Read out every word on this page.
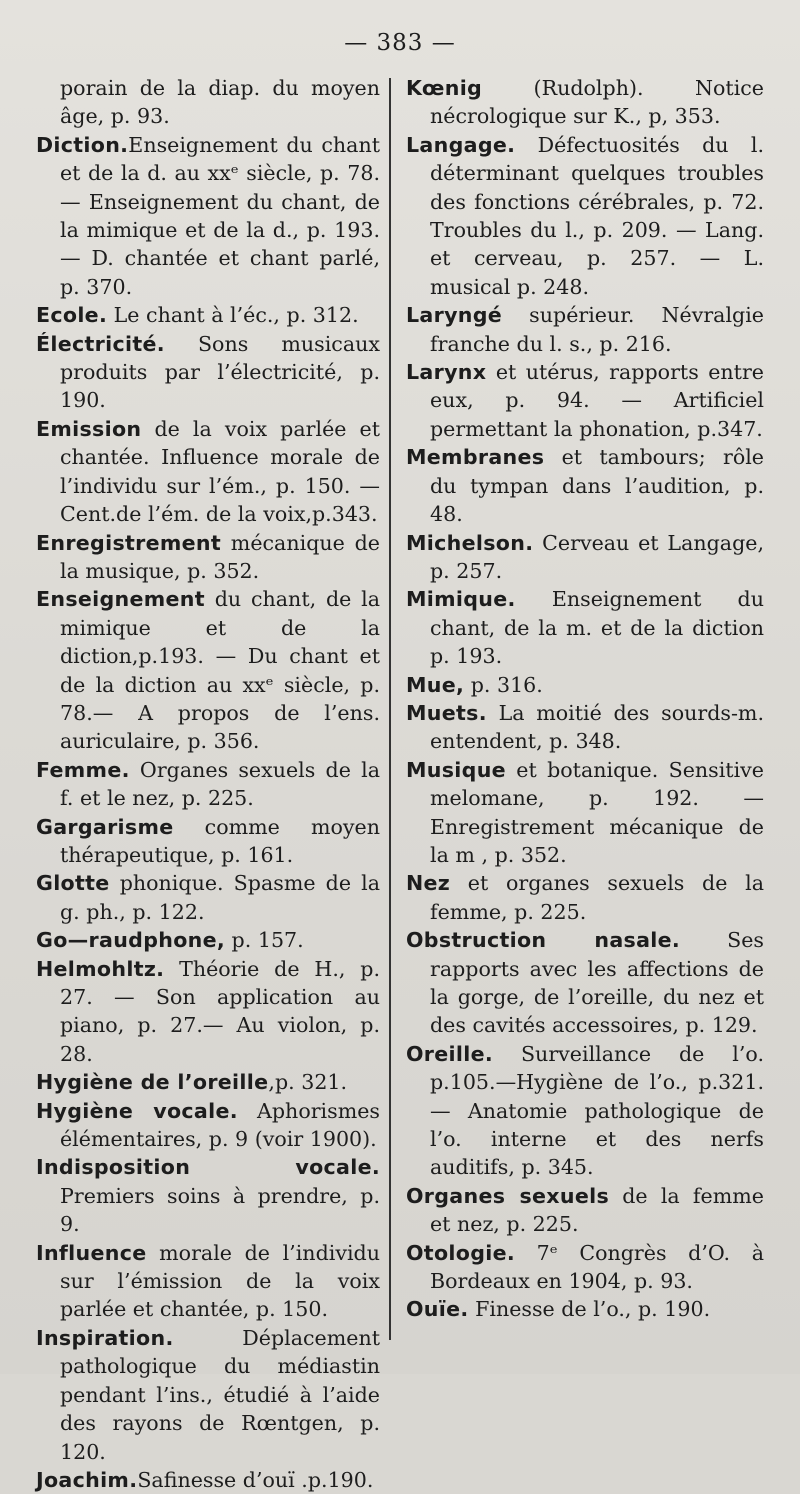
— 383 —

porain de la diap. du moyen âge, p. 93.

Diction.Enseignement du chant et de la d. au xxᵉ siècle, p. 78. — Enseignement du chant, de la mimique et de la d., p. 193. — D. chantée et chant parlé, p. 370.

Ecole. Le chant à l’éc., p. 312.

Électricité. Sons musicaux produits par l’électricité, p. 190.

Emission de la voix parlée et chantée. Influence morale de l’individu sur l’ém., p. 150. — Cent.de l’ém. de la voix,p.343.

Enregistrement mécanique de la musique, p. 352.

Enseignement du chant, de la mimique et de la diction,p.193. — Du chant et de la diction au xxᵉ siècle, p. 78.— A propos de l’ens. auriculaire, p. 356.

Femme. Organes sexuels de la f. et le nez, p. 225.

Gargarisme comme moyen thérapeutique, p. 161.

Glotte phonique. Spasme de la g. ph., p. 122.

Go—raudphone, p. 157.

Helmohltz. Théorie de H., p. 27. — Son application au piano, p. 27.— Au violon, p. 28.

Hygiène de l’oreille,p. 321.

Hygiène vocale. Aphorismes élémentaires, p. 9 (voir 1900).

Indisposition vocale. Premiers soins à prendre, p. 9.

Influence morale de l’individu sur l’émission de la voix parlée et chantée, p. 150.

Inspiration. Déplacement pathologique du médiastin pendant l’ins., étudié à l’aide des rayons de Rœntgen, p. 120.

Joachim.Safinesse d’ouï .p.190.

Kœnig (Rudolph). Notice nécrologique sur K., p, 353.

Langage. Défectuosités du l. déterminant quelques troubles des fonctions cérébrales, p. 72. Troubles du l., p. 209. — Lang. et cerveau, p. 257. — L. musical p. 248.

Laryngé supérieur. Névralgie franche du l. s., p. 216.

Larynx et utérus, rapports entre eux, p. 94. — Artificiel permettant la phonation, p.347.

Membranes et tambours; rôle du tympan dans l’audition, p. 48.

Michelson. Cerveau et Langage, p. 257.

Mimique. Enseignement du chant, de la m. et de la diction p. 193.

Mue, p. 316.

Muets. La moitié des sourds-m. entendent, p. 348.

Musique et botanique. Sensitive melomane, p. 192. — Enregistrement mécanique de la m , p. 352.

Nez et organes sexuels de la femme, p. 225.

Obstruction nasale. Ses rapports avec les affections de la gorge, de l’oreille, du nez et des cavités accessoires, p. 129.

Oreille. Surveillance de l’o. p.105.—Hygiène de l’o., p.321. — Anatomie pathologique de l’o. interne et des nerfs auditifs, p. 345.

Organes sexuels de la femme et nez, p. 225.

Otologie. 7ᵉ Congrès d’O. à Bordeaux en 1904, p. 93.

Ouïe. Finesse de l’o., p. 190.
